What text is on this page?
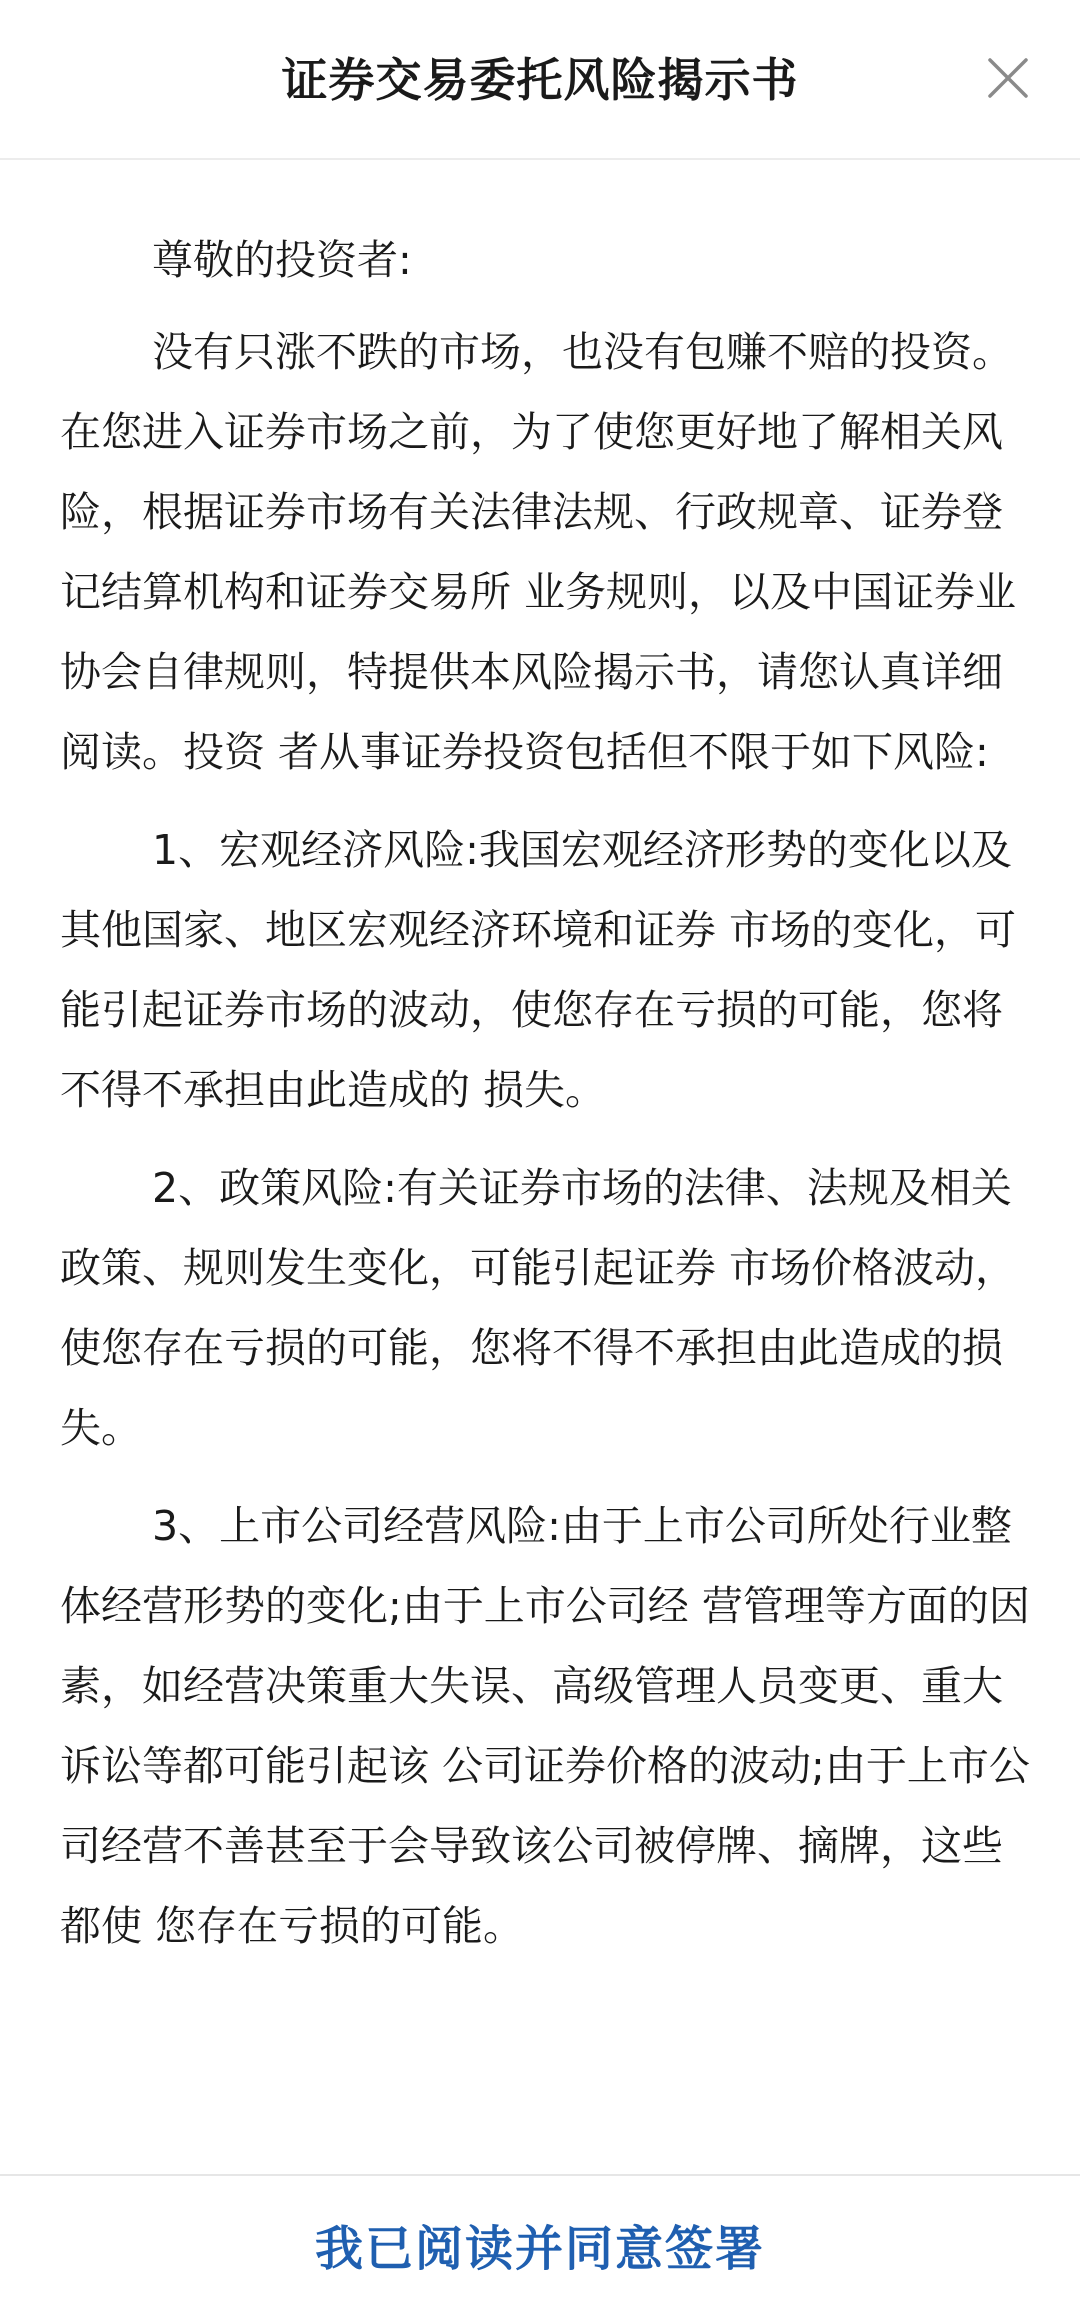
证券交易委托风险揭示书

尊敬的投资者:

没有只涨不跌的市场，也没有包赚不赔的投资。在您进入证券市场之前，为了使您更好地了解相关风险，根据证券市场有关法律法规、行政规章、证券登记结算机构和证券交易所 业务规则，以及中国证券业协会自律规则，特提供本风险揭示书，请您认真详细阅读。投资 者从事证券投资包括但不限于如下风险:

1、宏观经济风险:我国宏观经济形势的变化以及其他国家、地区宏观经济环境和证券 市场的变化，可能引起证券市场的波动，使您存在亏损的可能，您将不得不承担由此造成的 损失。

2、政策风险:有关证券市场的法律、法规及相关政策、规则发生变化，可能引起证券 市场价格波动，使您存在亏损的可能，您将不得不承担由此造成的损失。

3、上市公司经营风险:由于上市公司所处行业整体经营形势的变化;由于上市公司经 营管理等方面的因素，如经营决策重大失误、高级管理人员变更、重大诉讼等都可能引起该 公司证券价格的波动;由于上市公司经营不善甚至于会导致该公司被停牌、摘牌，这些都使 您存在亏损的可能。

我已阅读并同意签署
